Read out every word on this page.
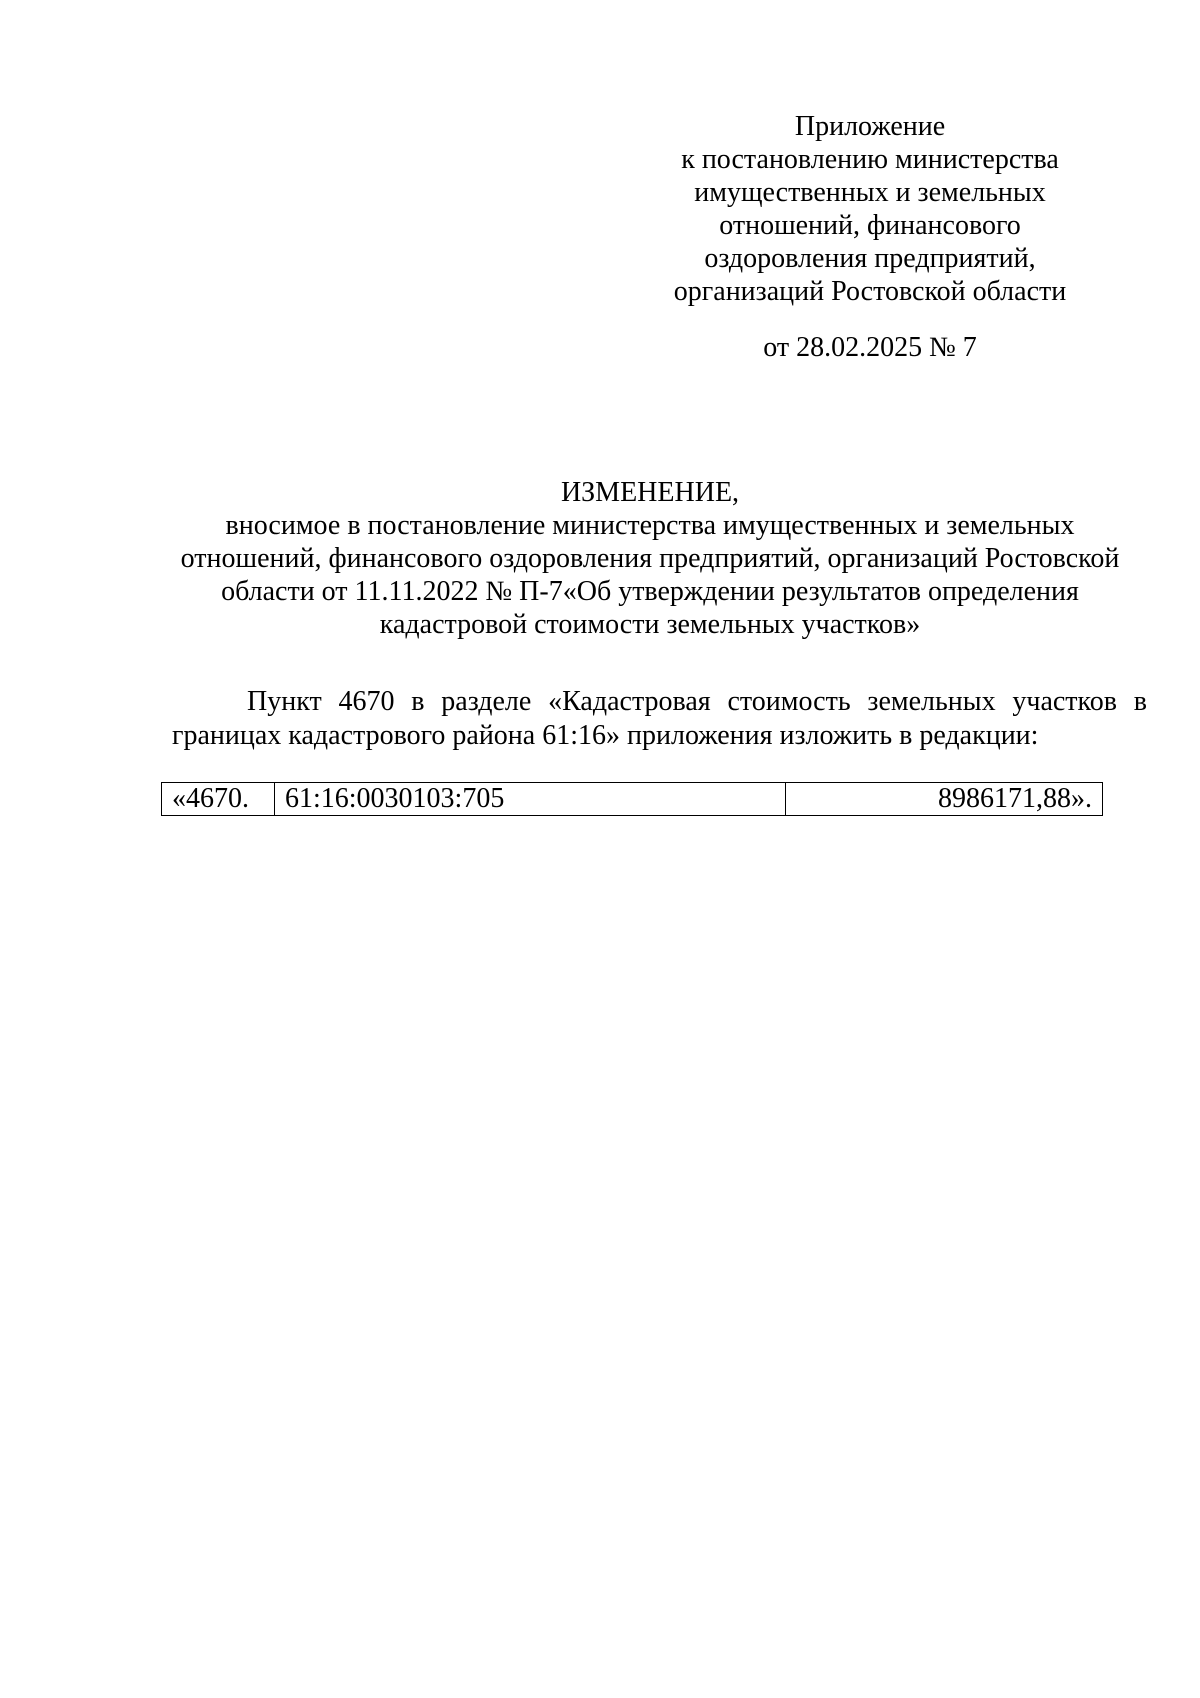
Приложение
к постановлению министерства
имущественных и земельных
отношений, финансового
оздоровления предприятий,
организаций Ростовской области
от 28.02.2025 № 7
ИЗМЕНЕНИЕ,
вносимое в постановление министерства имущественных и земельных
отношений, финансового оздоровления предприятий, организаций Ростовской
области от 11.11.2022 № П-7«Об утверждении результатов определения
кадастровой стоимости земельных участков»
Пункт 4670 в разделе «Кадастровая стоимость земельных участков в
границах кадастрового района 61:16» приложения изложить в редакции:
«4670.	61:16:0030103:705	8986171,88».
